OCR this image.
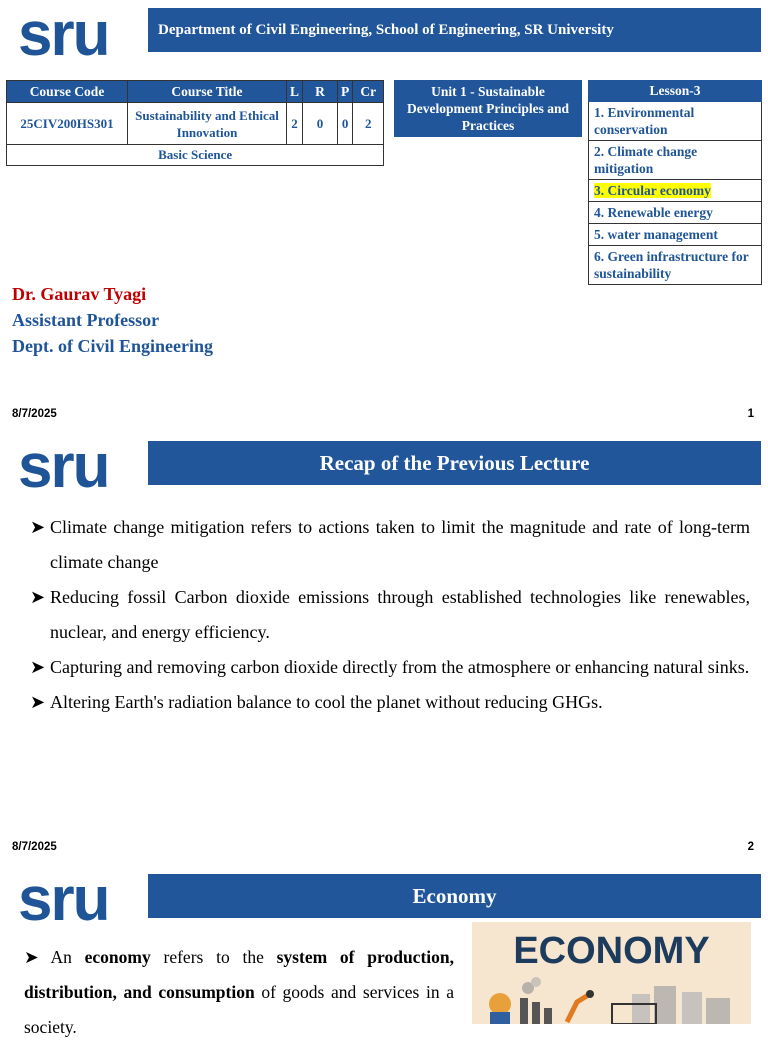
sru	Department of Civil Engineering, School of Engineering, SR University
Course Code	Course Title	L	R	P	Cr
25CIV200HS301	Sustainability and Ethical Innovation	2	0	0	2
Basic Science					
Unit 1 - Sustainable Development Principles and Practices
Lesson-3
1. Environmental conservation
2. Climate change mitigation
3. Circular economy
4. Renewable energy
5. water management
6. Green infrastructure for sustainability
Dr. Gaurav Tyagi
Assistant Professor
Dept. of Civil Engineering
8/7/2025	1
sru	Recap of the Previous Lecture
➤ Climate change mitigation refers to actions taken to limit the magnitude and rate of long-term climate change
➤ Reducing fossil Carbon dioxide emissions through established technologies like renewables, nuclear, and energy efficiency.
➤ Capturing and removing carbon dioxide directly from the atmosphere or enhancing natural sinks.
➤ Altering Earth's radiation balance to cool the planet without reducing GHGs.
8/7/2025	2
sru	Economy
➤ An economy refers to the system of production, distribution, and consumption of goods and services in a society.
ECONOMY
